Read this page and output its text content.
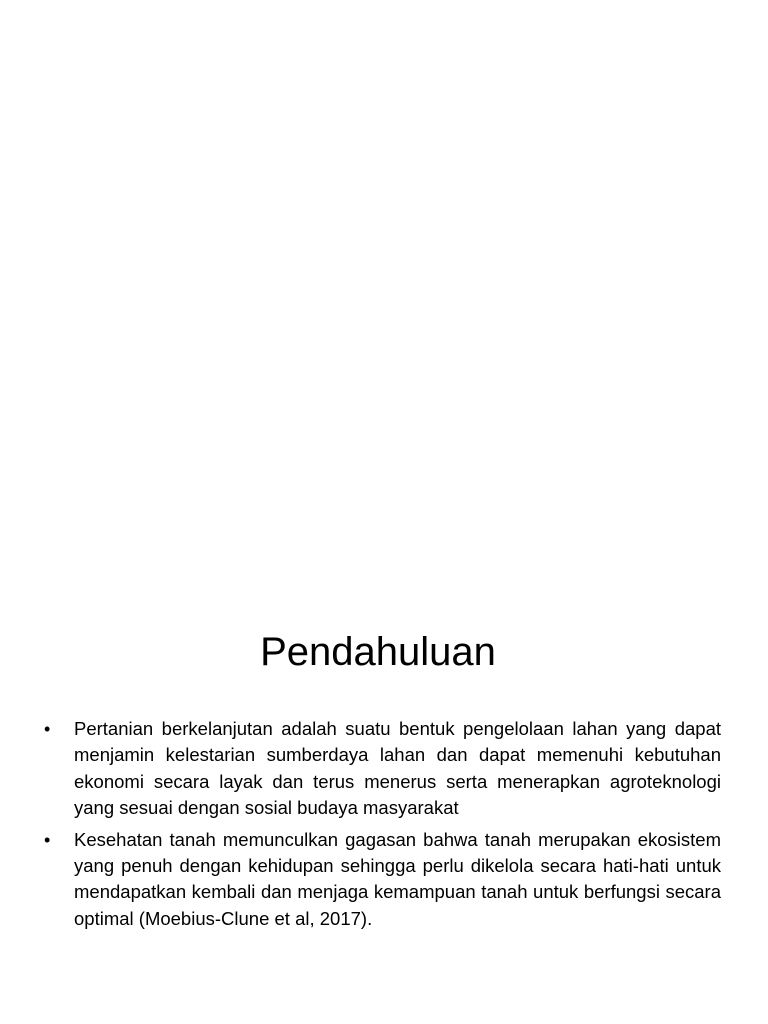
Pendahuluan
•	Pertanian berkelanjutan adalah suatu bentuk pengelolaan lahan yang dapat menjamin kelestarian sumberdaya lahan dan dapat memenuhi kebutuhan ekonomi secara layak dan terus menerus serta menerapkan agroteknologi yang sesuai dengan sosial budaya masyarakat
•	Kesehatan tanah memunculkan gagasan bahwa tanah merupakan ekosistem yang penuh dengan kehidupan sehingga perlu dikelola secara hati-hati untuk mendapatkan kembali dan menjaga kemampuan tanah untuk berfungsi secara optimal (Moebius-Clune et al, 2017).
